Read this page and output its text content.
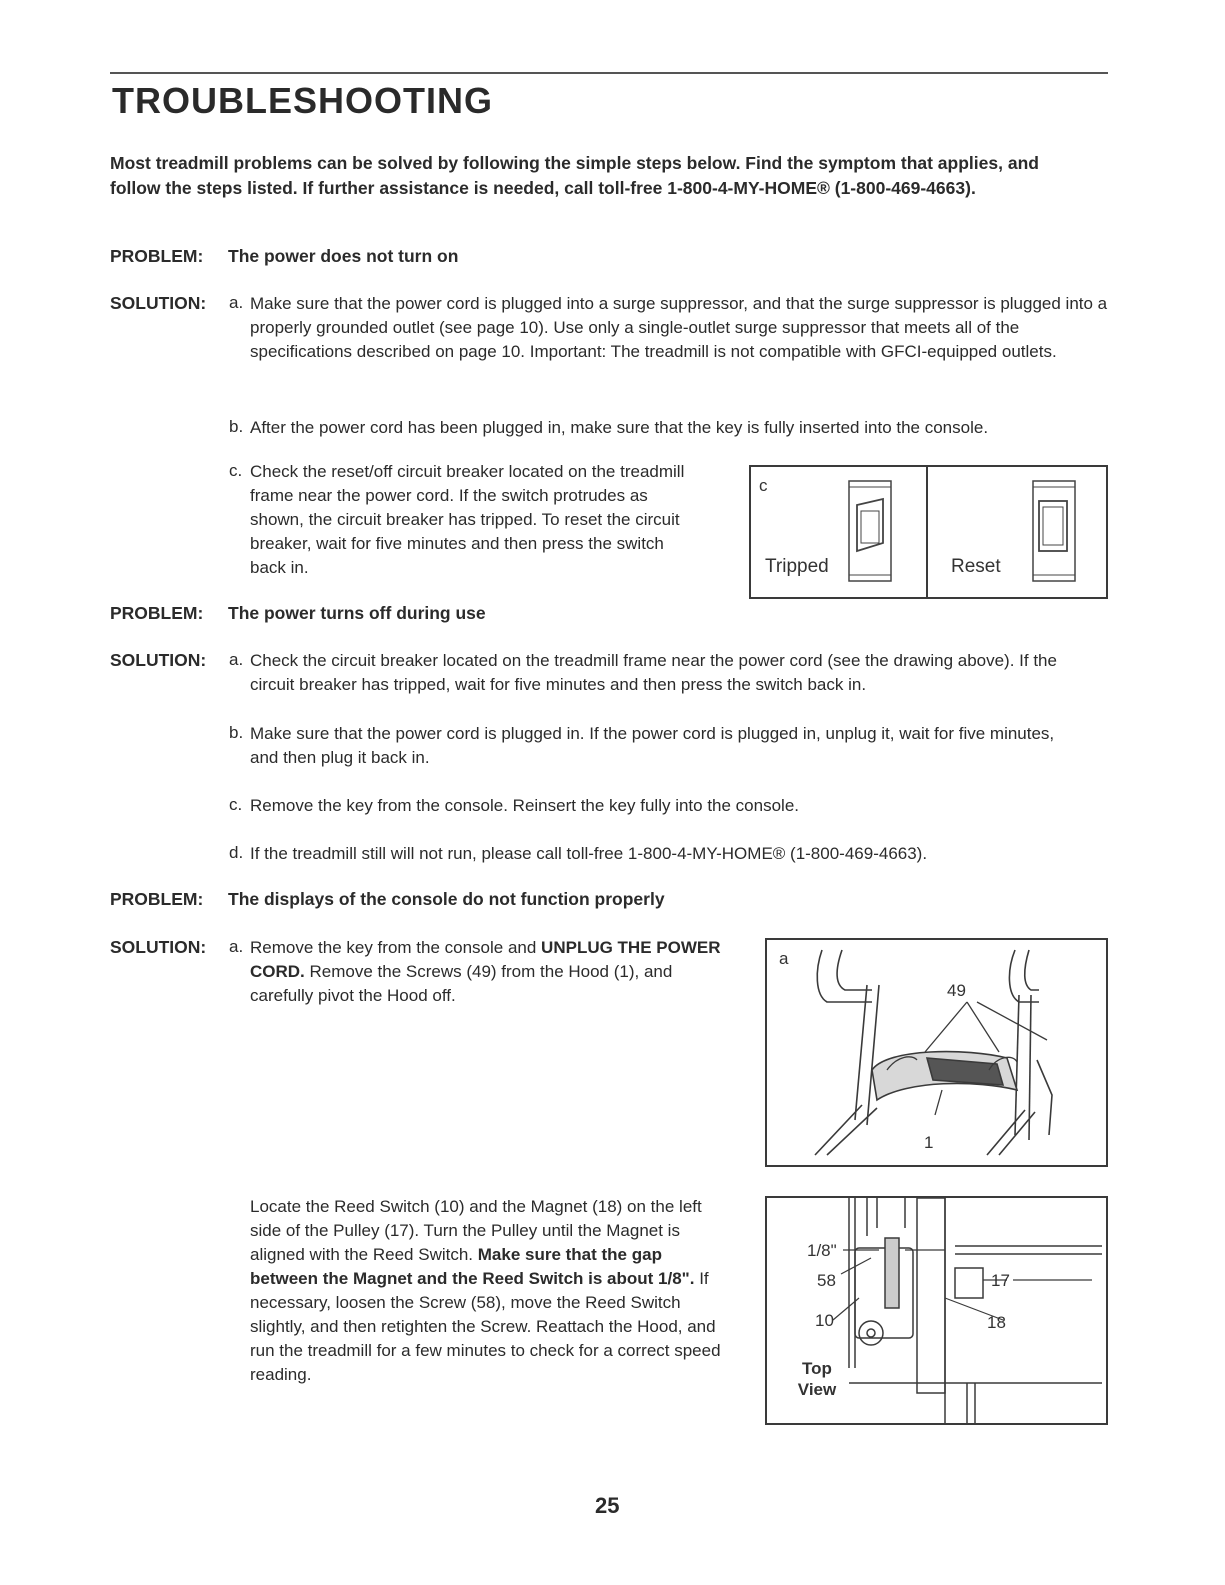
TROUBLESHOOTING

Most treadmill problems can be solved by following the simple steps below. Find the symptom that applies, and follow the steps listed. If further assistance is needed, call toll-free 1-800-4-MY-HOME® (1-800-469-4663).

PROBLEM: The power does not turn on
SOLUTION: a. Make sure that the power cord is plugged into a surge suppressor, and that the surge suppressor is plugged into a properly grounded outlet (see page 10). Use only a single-outlet surge suppressor that meets all of the specifications described on page 10. Important: The treadmill is not compatible with GFCI-equipped outlets.

b. After the power cord has been plugged in, make sure that the key is fully inserted into the console.

c. Check the reset/off circuit breaker located on the treadmill frame near the power cord. If the switch protrudes as shown, the circuit breaker has tripped. To reset the circuit breaker, wait for five minutes and then press the switch back in.

c
Tripped	Reset
PROBLEM: The power turns off during use
SOLUTION: a. Check the circuit breaker located on the treadmill frame near the power cord (see the drawing above). If the circuit breaker has tripped, wait for five minutes and then press the switch back in.

b. Make sure that the power cord is plugged in. If the power cord is plugged in, unplug it, wait for five minutes, and then plug it back in.

c. Remove the key from the console. Reinsert the key fully into the console.

d. If the treadmill still will not run, please call toll-free 1-800-4-MY-HOME® (1-800-469-4663).

PROBLEM: The displays of the console do not function properly
SOLUTION: a. Remove the key from the console and UNPLUG THE POWER CORD. Remove the Screws (49) from the Hood (1), and carefully pivot the Hood off.

a
49
1

Locate the Reed Switch (10) and the Magnet (18) on the left side of the Pulley (17). Turn the Pulley until the Magnet is aligned with the Reed Switch. Make sure that the gap between the Magnet and the Reed Switch is about 1/8". If necessary, loosen the Screw (58), move the Reed Switch slightly, and then retighten the Screw. Reattach the Hood, and run the treadmill for a few minutes to check for a correct speed reading.

1/8"
58
10
17
18
Top View
25
